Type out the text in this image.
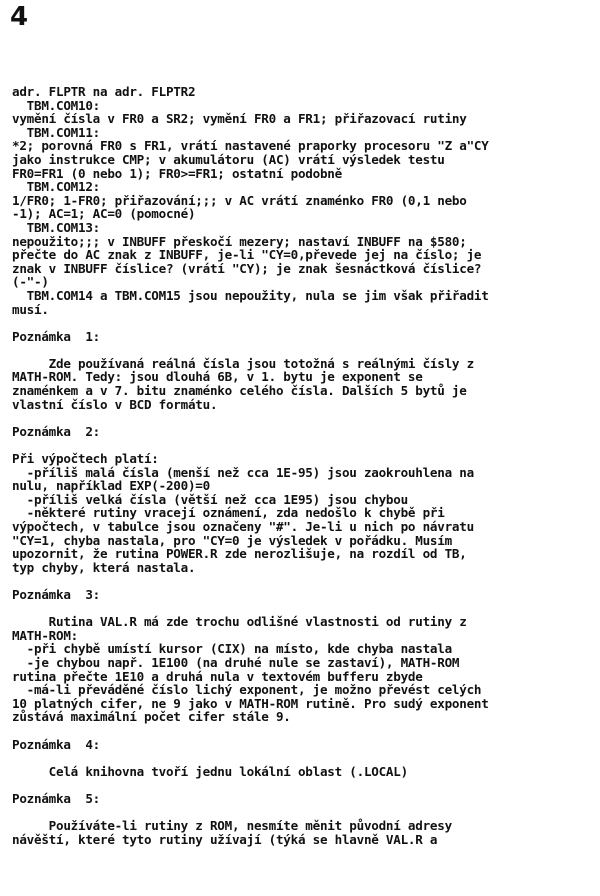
4
adr. FLPTR na adr. FLPTR2
TBM.COM10:
vymění čísla v FR0 a SR2; vymění FR0 a FR1; přiřazovací rutiny
TBM.COM11:
*2; porovná FR0 s FR1, vrátí nastavené praporky procesoru "Z a"CY
jako instrukce CMP; v akumulátoru (AC) vrátí výsledek testu
FR0=FR1 (0 nebo 1); FR0>=FR1; ostatní podobně
TBM.COM12:
1/FR0; 1-FR0; přiřazování;;; v AC vrátí znaménko FR0 (0,1 nebo
-1); AC=1; AC=0 (pomocné)
TBM.COM13:
nepoužito;;; v INBUFF přeskočí mezery; nastaví INBUFF na $580;
přečte do AC znak z INBUFF, je-li "CY=0,převede jej na číslo; je
znak v INBUFF číslice? (vrátí "CY); je znak šesnáctková číslice?
(-"-)
TBM.COM14 a TBM.COM15 jsou nepoužity, nula se jim však přiřadit
musí.
Poznámka  1:
Zde používaná reálná čísla jsou totožná s reálnými čísly z
MATH-ROM. Tedy: jsou dlouhá 6B, v 1. bytu je exponent se
znaménkem a v 7. bitu znaménko celého čísla. Dalších 5 bytů je
vlastní číslo v BCD formátu.
Poznámka  2:
Při výpočtech platí:
-příliš malá čísla (menší než cca 1E-95) jsou zaokrouhlena na
nulu, například EXP(-200)=0
-příliš velká čísla (větší než cca 1E95) jsou chybou
-některé rutiny vracejí oznámení, zda nedošlo k chybě při
výpočtech, v tabulce jsou označeny "#". Je-li u nich po návratu
"CY=1, chyba nastala, pro "CY=0 je výsledek v pořádku. Musím
upozornit, že rutina POWER.R zde nerozlišuje, na rozdíl od TB,
typ chyby, která nastala.
Poznámka  3:
Rutina VAL.R má zde trochu odlišné vlastnosti od rutiny z
MATH-ROM:
-při chybě umístí kursor (CIX) na místo, kde chyba nastala
-je chybou např. 1E100 (na druhé nule se zastaví), MATH-ROM
rutina přečte 1E10 a druhá nula v textovém bufferu zbyde
-má-li převáděné číslo lichý exponent, je možno převést celých
10 platných cifer, ne 9 jako v MATH-ROM rutině. Pro sudý exponent
zůstává maximální počet cifer stále 9.
Poznámka  4:
Celá knihovna tvoří jednu lokální oblast (.LOCAL)
Poznámka  5:
Používáte-li rutiny z ROM, nesmíte měnit původní adresy
návěští, které tyto rutiny užívají (týká se hlavně VAL.R a
